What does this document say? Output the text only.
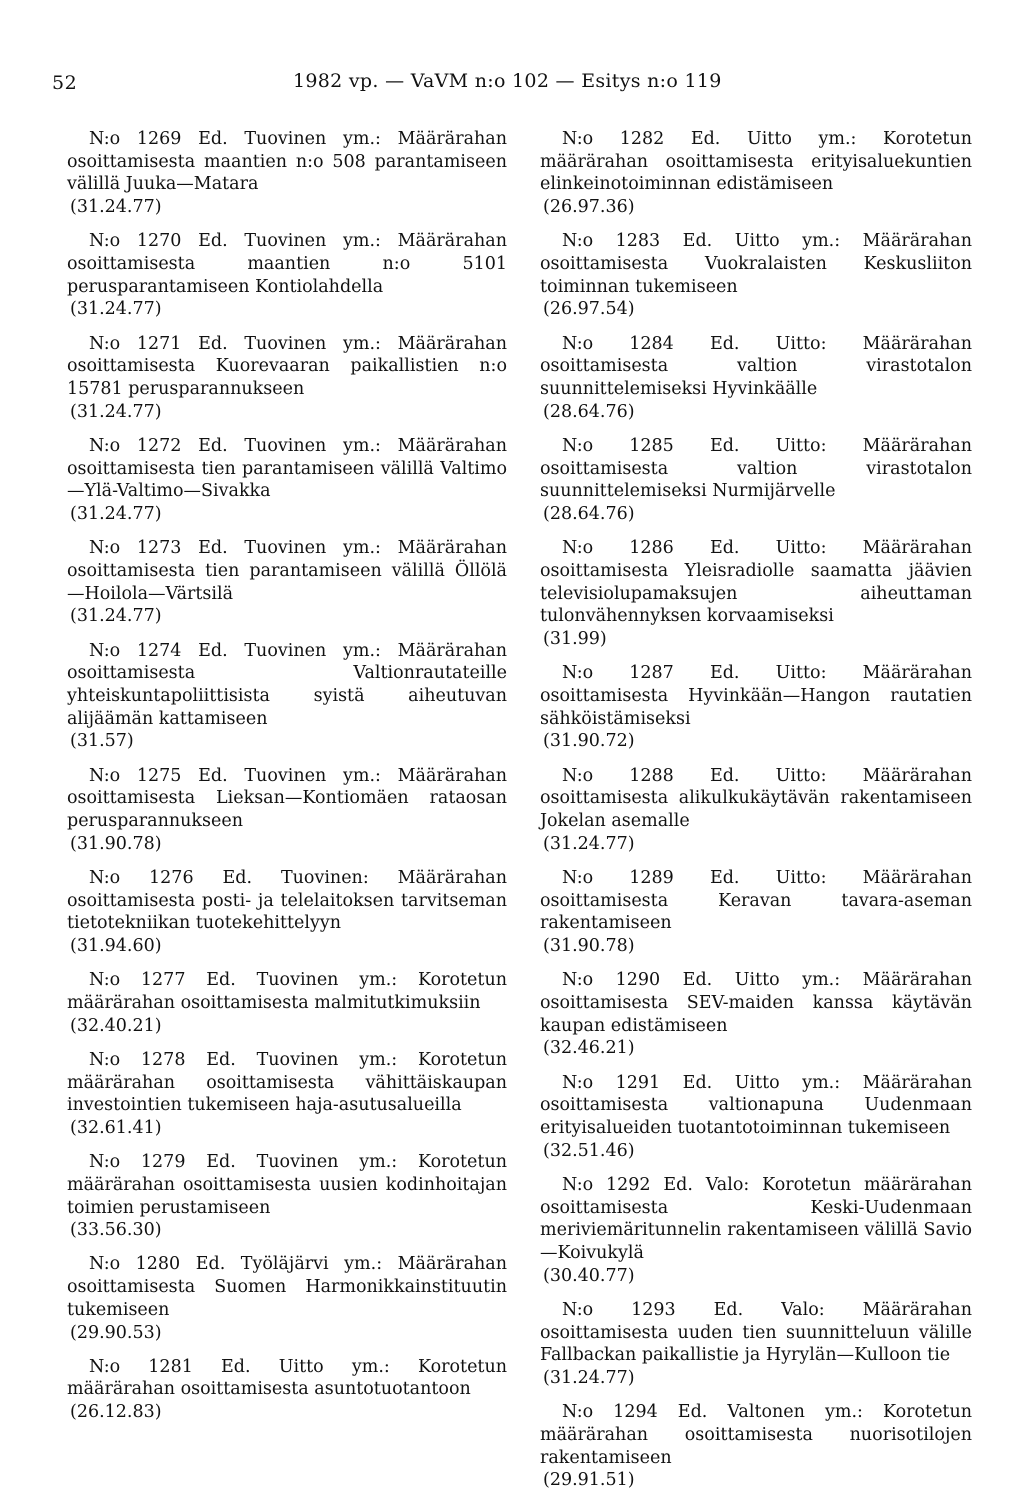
52	1982 vp. — VaVM n:o 102 — Esitys n:o 119
N:o 1269 Ed. Tuovinen ym.: Määrärahan osoittamisesta maantien n:o 508 parantamiseen välillä Juuka—Matara
(31.24.77)
N:o 1270 Ed. Tuovinen ym.: Määrärahan osoittamisesta maantien n:o 5101 perusparantamiseen Kontiolahdella
(31.24.77)
N:o 1271 Ed. Tuovinen ym.: Määrärahan osoittamisesta Kuorevaaran paikallistien n:o 15781 perusparannukseen
(31.24.77)
N:o 1272 Ed. Tuovinen ym.: Määrärahan osoittamisesta tien parantamiseen välillä Valtimo—Ylä-Valtimo—Sivakka
(31.24.77)
N:o 1273 Ed. Tuovinen ym.: Määrärahan osoittamisesta tien parantamiseen välillä Öllölä —Hoilola—Värtsilä
(31.24.77)
N:o 1274 Ed. Tuovinen ym.: Määrärahan osoittamisesta Valtionrautateille yhteiskuntapoliittisista syistä aiheutuvan alijäämän kattamiseen
(31.57)
N:o 1275 Ed. Tuovinen ym.: Määrärahan osoittamisesta Lieksan—Kontiomäen rataosan perusparannukseen
(31.90.78)
N:o 1276 Ed. Tuovinen: Määrärahan osoittamisesta posti- ja telelaitoksen tarvitseman tietotekniikan tuotekehittelyyn
(31.94.60)
N:o 1277 Ed. Tuovinen ym.: Korotetun määrärahan osoittamisesta malmitutkimuksiin
(32.40.21)
N:o 1278 Ed. Tuovinen ym.: Korotetun määrärahan osoittamisesta vähittäiskaupan investointien tukemiseen haja-asutusalueilla
(32.61.41)
N:o 1279 Ed. Tuovinen ym.: Korotetun määrärahan osoittamisesta uusien kodinhoitajan toimien perustamiseen
(33.56.30)
N:o 1280 Ed. Työläjärvi ym.: Määrärahan osoittamisesta Suomen Harmonikkainstituutin tukemiseen
(29.90.53)
N:o 1281 Ed. Uitto ym.: Korotetun määrärahan osoittamisesta asuntotuotantoon
(26.12.83)
N:o 1282 Ed. Uitto ym.: Korotetun määrärahan osoittamisesta erityisaluekuntien elinkeinotoiminnan edistämiseen
(26.97.36)
N:o 1283 Ed. Uitto ym.: Määrärahan osoittamisesta Vuokralaisten Keskusliiton toiminnan tukemiseen
(26.97.54)
N:o 1284 Ed. Uitto: Määrärahan osoittamisesta valtion virastotalon suunnittelemiseksi Hyvinkäälle
(28.64.76)
N:o 1285 Ed. Uitto: Määrärahan osoittamisesta valtion virastotalon suunnittelemiseksi Nurmijärvelle
(28.64.76)
N:o 1286 Ed. Uitto: Määrärahan osoittamisesta Yleisradiolle saamatta jäävien televisiolupamaksujen aiheuttaman tulonvähennyksen korvaamiseksi
(31.99)
N:o 1287 Ed. Uitto: Määrärahan osoittamisesta Hyvinkään—Hangon rautatien sähköistämiseksi
(31.90.72)
N:o 1288 Ed. Uitto: Määrärahan osoittamisesta alikulkukäytävän rakentamiseen Jokelan asemalle
(31.24.77)
N:o 1289 Ed. Uitto: Määrärahan osoittamisesta Keravan tavara-aseman rakentamiseen
(31.90.78)
N:o 1290 Ed. Uitto ym.: Määrärahan osoittamisesta SEV-maiden kanssa käytävän kaupan edistämiseen
(32.46.21)
N:o 1291 Ed. Uitto ym.: Määrärahan osoittamisesta valtionapuna Uudenmaan erityisalueiden tuotantotoiminnan tukemiseen
(32.51.46)
N:o 1292 Ed. Valo: Korotetun määrärahan osoittamisesta Keski-Uudenmaan meriviemäritunnelin rakentamiseen välillä Savio—Koivukylä
(30.40.77)
N:o 1293 Ed. Valo: Määrärahan osoittamisesta uuden tien suunnitteluun välille Fallbackan paikallistie ja Hyrylän—Kulloon tie
(31.24.77)
N:o 1294 Ed. Valtonen ym.: Korotetun määrärahan osoittamisesta nuorisotilojen rakentamiseen
(29.91.51)
